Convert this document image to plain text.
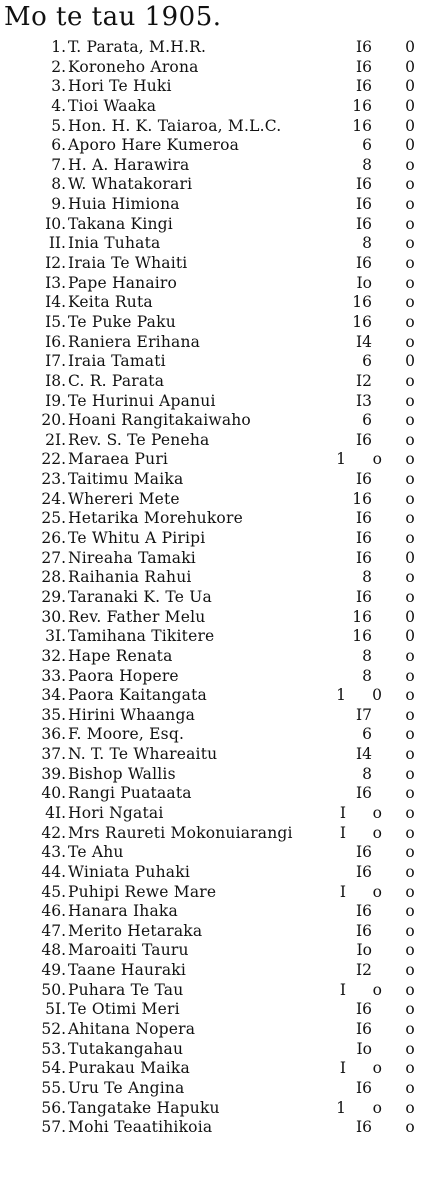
Mo te tau 1905.
1. T. Parata, M.H.R.	I6	0
2. Koroneho Arona	I6	0
3. Hori Te Huki	I6	0
4. Tioi Waaka	16	0
5. Hon. H. K. Taiaroa, M.L.C.	16	0
6. Aporo Hare Kumeroa	6	0
7. H. A. Harawira	8	o
8. W. Whatakorari	I6	o
9. Huia Himiona	I6	o
I0. Takana Kingi	I6	o
II. Inia Tuhata	8	o
I2. Iraia Te Whaiti	I6	o
I3. Pape Hanairo	Io	o
I4. Keita Ruta	16	o
I5. Te Puke Paku	16	o
I6. Raniera Erihana	I4	o
I7. Iraia Tamati	6	0
I8. C. R. Parata	I2	o
I9. Te Hurinui Apanui	I3	o
20. Hoani Rangitakaiwaho	6	o
2I. Rev. S. Te Peneha	I6	o
22. Maraea Puri	1	o	o
23. Taitimu Maika	I6	o
24. Whereri Mete	16	o
25. Hetarika Morehukore	I6	o
26. Te Whitu A Piripi	I6	o
27. Nireaha Tamaki	I6	0
28. Raihania Rahui	8	o
29. Taranaki K. Te Ua	I6	o
30. Rev. Father Melu	16	0
3I. Tamihana Tikitere	16	0
32. Hape Renata	8	o
33. Paora Hopere	8	o
34. Paora Kaitangata	1	0	o
35. Hirini Whaanga	I7	o
36. F. Moore, Esq.	6	o
37. N. T. Te Whareaitu	I4	o
39. Bishop Wallis	8	o
40. Rangi Puataata	I6	o
4I. Hori Ngatai	I	o	o
42. Mrs Raureti Mokonuiarangi	I	o	o
43. Te Ahu	I6	o
44. Winiata Puhaki	I6	o
45. Puhipi Rewe Mare	I	o	o
46. Hanara Ihaka	I6	o
47. Merito Hetaraka	I6	o
48. Maroaiti Tauru	Io	o
49. Taane Hauraki	I2	o
50. Puhara Te Tau	I	o	o
5I. Te Otimi Meri	I6	o
52. Ahitana Nopera	I6	o
53. Tutakangahau	Io	o
54. Purakau Maika	I	o	o
55. Uru Te Angina	I6	o
56. Tangatake Hapuku	1	o	o
57. Mohi Teaatihikoia	I6	o
